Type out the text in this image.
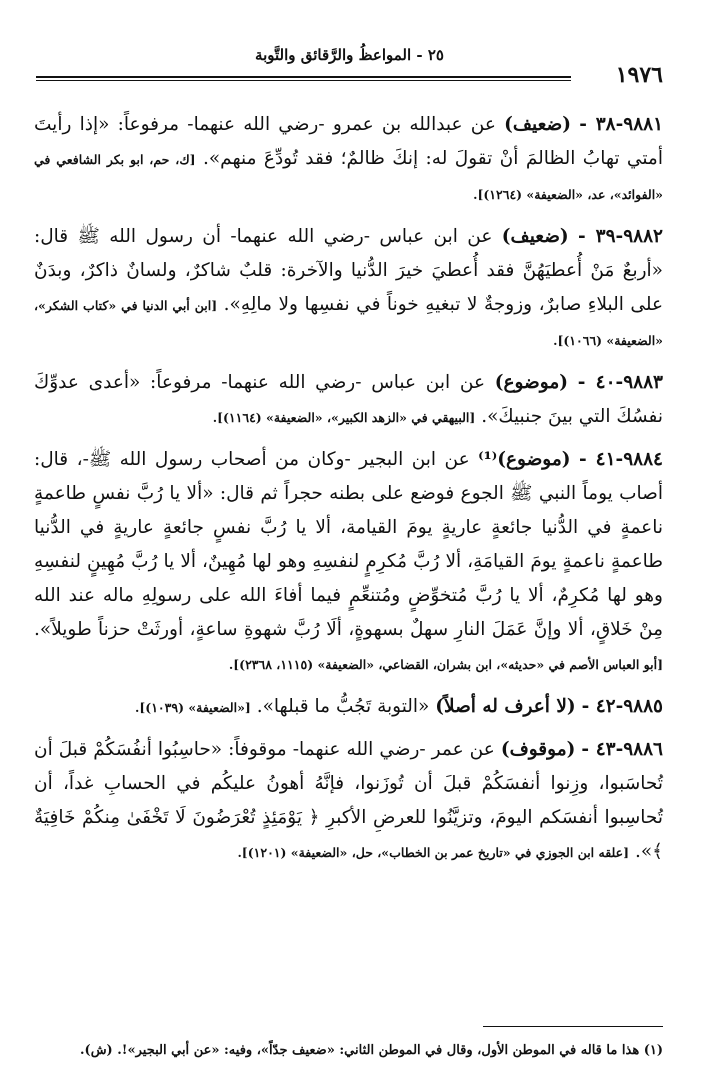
٢٥ - المواعظُ والرَّقائق والتَّوبة
١٩٧٦

٩٨٨١-٣٨ - (ضعيف) عن عبدالله بن عمرو -رضي الله عنهما- مرفوعاً: «إذا رأيتَ أمتي تهابُ الظالمَ أنْ تقولَ له: إنكَ ظالمٌ؛ فقد تُودِّعَ منهم». [ك، حم، ابو بكر الشافعي في «الفوائد»، عد، «الضعيفة» (١٢٦٤)].

٩٨٨٢-٣٩ - (ضعيف) عن ابن عباس -رضي الله عنهما- أن رسول الله ﷺ قال: «أربعٌ مَنْ أُعطيَهُنَّ فقد أُعطيَ خيرَ الدُّنيا والآخرة: قلبٌ شاكرٌ، ولسانٌ ذاكرٌ، وبدَنٌ على البلاءِ صابرٌ، وزوجةٌ لا تبغيهِ خوناً في نفسِها ولا مالِهِ». [ابن أبي الدنيا في «كتاب الشكر»، «الضعيفة» (١٠٦٦)].

٩٨٨٣-٤٠ - (موضوع) عن ابن عباس -رضي الله عنهما- مرفوعاً: «أعدى عدوِّكَ نفسُكَ التي بينَ جنبيكَ». [البيهقي في «الزهد الكبير»، «الضعيفة» (١١٦٤)].

٩٨٨٤-٤١ - (موضوع)⁽¹⁾ عن ابن البجير -وكان من أصحاب رسول الله ﷺ-، قال: أصاب يوماً النبي ﷺ الجوع فوضع على بطنه حجراً ثم قال: «ألا يا رُبَّ نفسٍ طاعمةٍ ناعمةٍ في الدُّنيا جائعةٍ عاريةٍ يومَ القيامة، ألا يا رُبَّ نفسٍ جائعةٍ عاريةٍ في الدُّنيا طاعمةٍ ناعمةٍ يومَ القيامَةِ، ألا رُبَّ مُكرِمٍ لنفسِهِ وهو لها مُهِينٌ، ألا يا رُبَّ مُهِينٍ لنفسِهِ وهو لها مُكرِمٌ، ألا يا رُبَّ مُتخوِّضٍ ومُتنعِّمٍ فيما أفاءَ الله على رسولِهِ ماله عند الله مِنْ خَلاقٍ، ألا وإنَّ عَمَلَ النارِ سهلٌ بسهوةٍ، ألَا رُبَّ شهوةِ ساعةٍ، أورثَتْ حزناً طويلاً». [أبو العباس الأصم في «حديثه»، ابن بشران، القضاعي، «الضعيفة» (١١١٥، ٢٣٦٨)].

٩٨٨٥-٤٢ - (لا أعرف له أصلاً) «التوبة تَجُبُّ ما قبلها». [«الضعيفة» (١٠٣٩)].

٩٨٨٦-٤٣ - (موقوف) عن عمر -رضي الله عنهما- موقوفاً: «حاسِبُوا أنفُسَكُمْ قبلَ أن تُحاسَبوا، وزِنوا أنفسَكُمْ قبلَ أن تُوزَنوا، فإنَّهُ أهونُ عليكُم في الحسابِ غداً، أن تُحاسِبوا أنفسَكم اليومَ، وتزيَّنُوا للعرضِ الأكبرِ ﴿ يَوْمَئِذٍ تُعْرَضُونَ لَا تَخْفَىٰ مِنكُمْ خَافِيَةٌ ﴾». [علقه ابن الجوزي في «تاريخ عمر بن الخطاب»، حل، «الضعيفة» (١٢٠١)].

(١) هذا ما قاله في الموطن الأول، وقال في الموطن الثاني: «ضعيف جدّاً»، وفيه: «عن أبي البجير»!. (ش).
